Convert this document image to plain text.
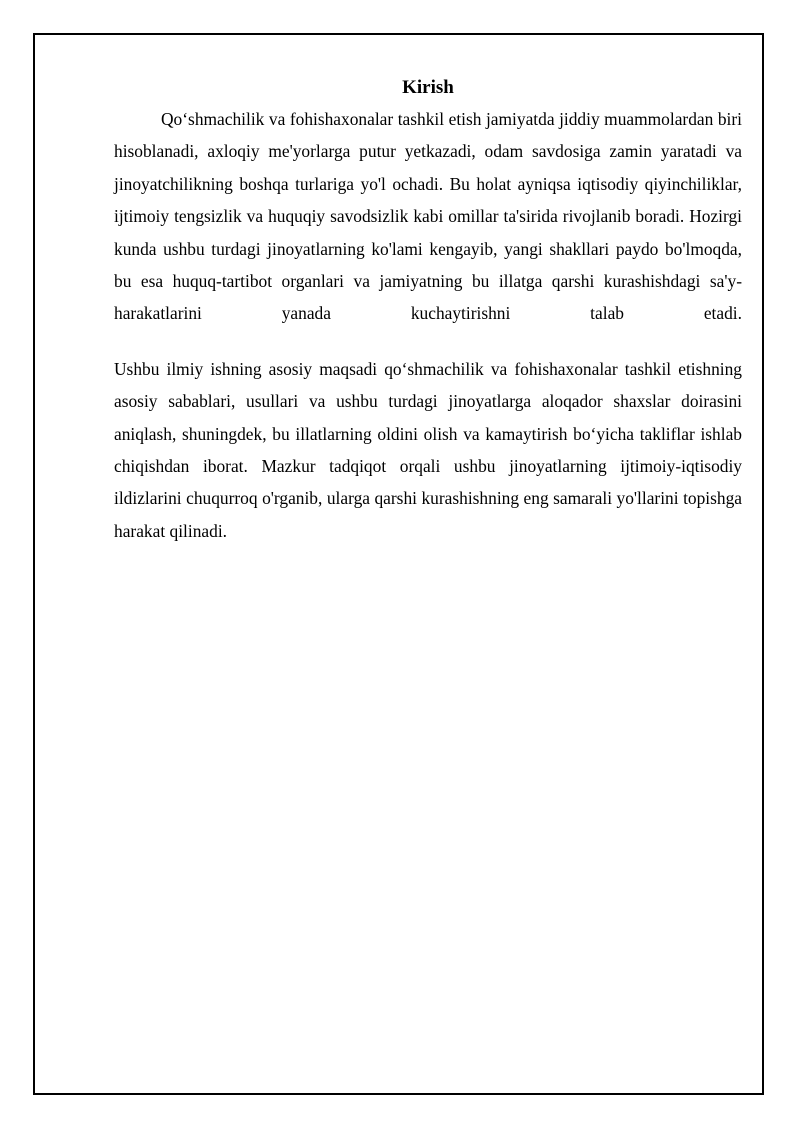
Kirish

Qo‘shmachilik va fohishaxonalar tashkil etish jamiyatda jiddiy muammolardan biri hisoblanadi, axloqiy me'yorlarga putur yetkazadi, odam savdosiga zamin yaratadi va jinoyatchilikning boshqa turlariga yo'l ochadi. Bu holat ayniqsa iqtisodiy qiyinchiliklar, ijtimoiy tengsizlik va huquqiy savodsizlik kabi omillar ta'sirida rivojlanib boradi. Hozirgi kunda ushbu turdagi jinoyatlarning ko'lami kengayib, yangi shakllari paydo bo'lmoqda, bu esa huquq-tartibot organlari va jamiyatning bu illatga qarshi kurashishdagi sa'y-harakatlarini yanada kuchaytirishni talab etadi.

Ushbu ilmiy ishning asosiy maqsadi qo‘shmachilik va fohishaxonalar tashkil etishning asosiy sabablari, usullari va ushbu turdagi jinoyatlarga aloqador shaxslar doirasini aniqlash, shuningdek, bu illatlarning oldini olish va kamaytirish bo‘yicha takliflar ishlab chiqishdan iborat. Mazkur tadqiqot orqali ushbu jinoyatlarning ijtimoiy-iqtisodiy ildizlarini chuqurroq o'rganib, ularga qarshi kurashishning eng samarali yo'llarini topishga harakat qilinadi.
